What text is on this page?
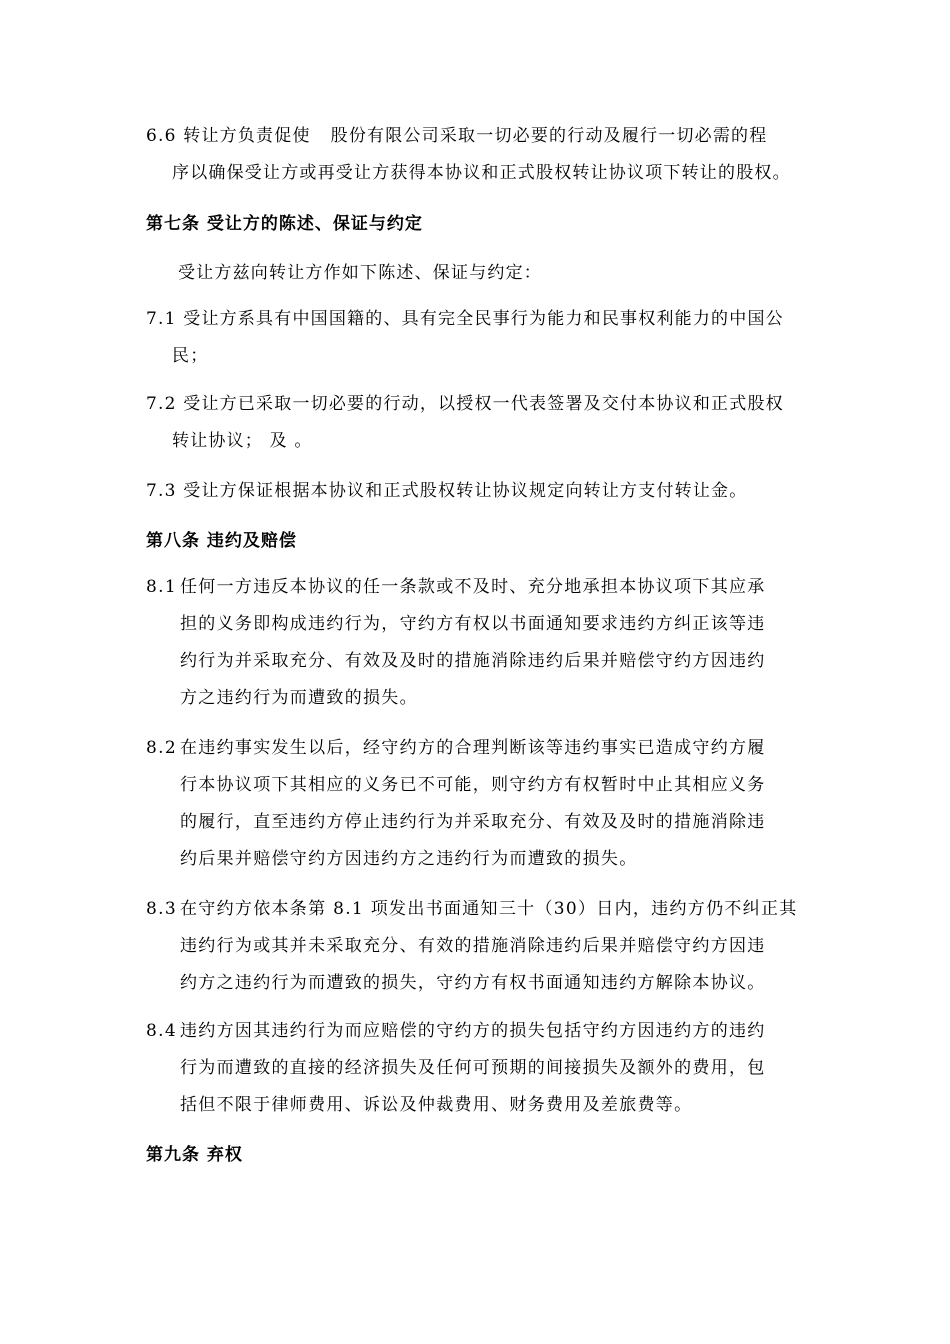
6.6 转让方负责促使 股份有限公司采取一切必要的行动及履行一切必需的程
序以确保受让方或再受让方获得本协议和正式股权转让协议项下转让的股权。
第七条 受让方的陈述、保证与约定

受让方兹向转让方作如下陈述、保证与约定：

7.1 受让方系具有中国国籍的、具有完全民事行为能力和民事权利能力的中国公
民；
7.2 受让方已采取一切必要的行动，以授权一代表签署及交付本协议和正式股权
转让协议； 及 。
7.3 受让方保证根据本协议和正式股权转让协议规定向转让方支付转让金。
第八条 违约及赔偿
8.1 任何一方违反本协议的任一条款或不及时、充分地承担本协议项下其应承
担的义务即构成违约行为，守约方有权以书面通知要求违约方纠正该等违
约行为并采取充分、有效及及时的措施消除违约后果并赔偿守约方因违约
方之违约行为而遭致的损失。
8.2 在违约事实发生以后，经守约方的合理判断该等违约事实已造成守约方履
行本协议项下其相应的义务已不可能，则守约方有权暂时中止其相应义务
的履行，直至违约方停止违约行为并采取充分、有效及及时的措施消除违
约后果并赔偿守约方因违约方之违约行为而遭致的损失。
8.3 在守约方依本条第 8.1 项发出书面通知三十（30）日内，违约方仍不纠正其
违约行为或其并未采取充分、有效的措施消除违约后果并赔偿守约方因违
约方之违约行为而遭致的损失，守约方有权书面通知违约方解除本协议。
8.4 违约方因其违约行为而应赔偿的守约方的损失包括守约方因违约方的违约
行为而遭致的直接的经济损失及任何可预期的间接损失及额外的费用，包
括但不限于律师费用、诉讼及仲裁费用、财务费用及差旅费等。
第九条 弃权
